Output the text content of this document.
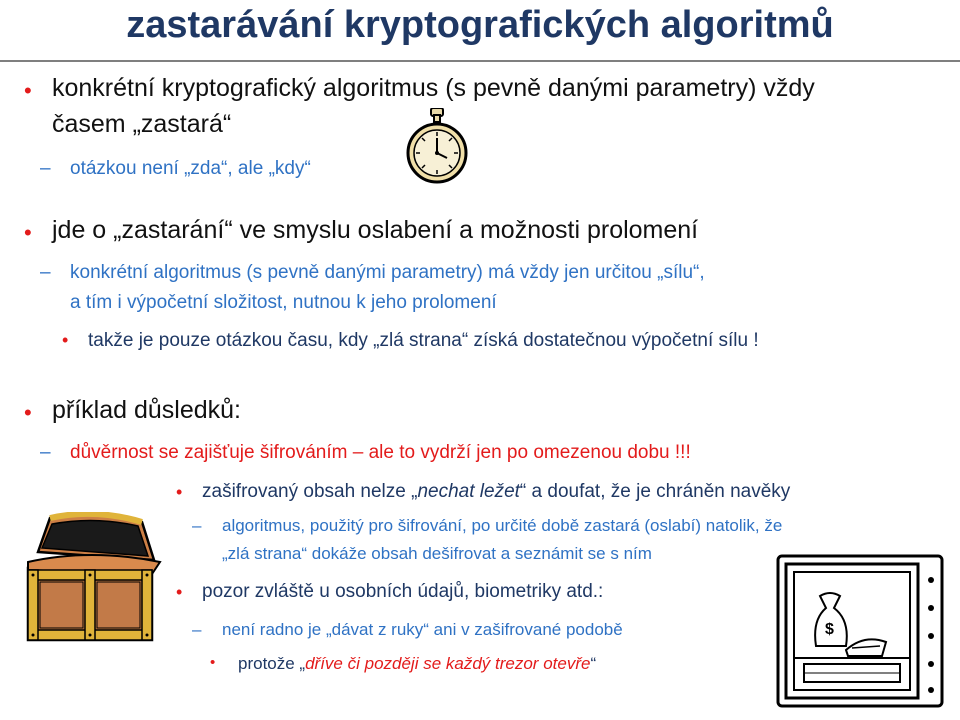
zastarávání kryptografických algoritmů
• konkrétní kryptografický algoritmus (s pevně danými parametry) vždy
časem „zastará“
– otázkou není „zda“, ale „kdy“
• jde o „zastarání“ ve smyslu oslabení a možnosti prolomení
– konkrétní algoritmus (s pevně danými parametry) má vždy jen určitou „sílu“,
a tím i výpočetní složitost, nutnou k jeho prolomení
• takže je pouze otázkou času, kdy „zlá strana“ získá dostatečnou výpočetní sílu !
• příklad důsledků:
– důvěrnost se zajišťuje šifrováním – ale to vydrží jen po omezenou dobu !!!
• zašifrovaný obsah nelze „nechat ležet“ a doufat, že je chráněn navěky
– algoritmus, použitý pro šifrování, po určité době zastará (oslabí) natolik, že
„zlá strana“ dokáže obsah dešifrovat a seznámit se s ním
• pozor zvláště u osobních údajů, biometriky atd.:
– není radno je „dávat z ruky“ ani v zašifrované podobě
• protože „dříve či později se každý trezor otevře“
$
